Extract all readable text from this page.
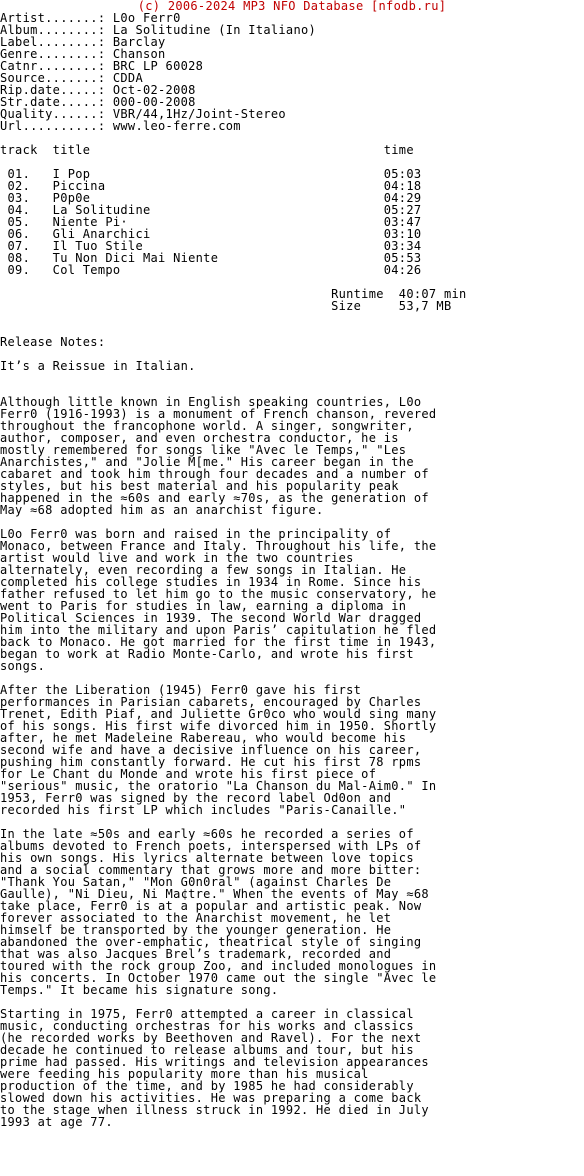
(c) 2006-2024 MP3 NFO Database [nfodb.ru]
Artist.......: L0o Ferr0
Album........: La Solitudine (In Italiano)
Label........: Barclay
Genre........: Chanson
Catnr........: BRC LP 60028
Source.......: CDDA
Rip.date.....: Oct-02-2008
Str.date.....: 000-00-2008
Quality......: VBR/44,1Hz/Joint-Stereo
Url..........: www.leo-ferre.com
track  title                                       time
01.   I Pop                                       05:03
02.   Piccina                                     04:18
03.   P0p0e                                       04:29
04.   La Solitudine                               05:27
05.   Niente Pi·                                  03:47
06.   Gli Anarchici                               03:10
07.   Il Tuo Stile                                03:34
08.   Tu Non Dici Mai Niente                      05:53
09.   Col Tempo                                   04:26
Runtime  40:07 min
Size     53,7 MB
Release Notes:
It’s a Reissue in Italian.
Although little known in English speaking countries, L0o
Ferr0 (1916-1993) is a monument of French chanson, revered
throughout the francophone world. A singer, songwriter,
author, composer, and even orchestra conductor, he is
mostly remembered for songs like "Avec le Temps," "Les
Anarchistes," and "Jolie M[me." His career began in the
cabaret and took him through four decades and a number of
styles, but his best material and his popularity peak
happened in the ≈60s and early ≈70s, as the generation of
May ≈68 adopted him as an anarchist figure.
L0o Ferr0 was born and raised in the principality of
Monaco, between France and Italy. Throughout his life, the
artist would live and work in the two countries
alternately, even recording a few songs in Italian. He
completed his college studies in 1934 in Rome. Since his
father refused to let him go to the music conservatory, he
went to Paris for studies in law, earning a diploma in
Political Sciences in 1939. The second World War dragged
him into the military and upon Paris’ capitulation he fled
back to Monaco. He got married for the first time in 1943,
began to work at Radio Monte-Carlo, and wrote his first
songs.
After the Liberation (1945) Ferr0 gave his first
performances in Parisian cabarets, encouraged by Charles
Trenet, Edith Piaf, and Juliette Gr0co who would sing many
of his songs. His first wife divorced him in 1950. Shortly
after, he met Madeleine Rabereau, who would become his
second wife and have a decisive influence on his career,
pushing him constantly forward. He cut his first 78 rpms
for Le Chant du Monde and wrote his first piece of
"serious" music, the oratorio "La Chanson du Mal-Aim0." In
1953, Ferr0 was signed by the record label Od0on and
recorded his first LP which includes "Paris-Canaille."
In the late ≈50s and early ≈60s he recorded a series of
albums devoted to French poets, interspersed with LPs of
his own songs. His lyrics alternate between love topics
and a social commentary that grows more and more bitter:
"Thank You Satan," "Mon G0n0ral" (against Charles De
Gaulle), "Ni Dieu, Ni Ma¢tre." When the events of May ≈68
take place, Ferr0 is at a popular and artistic peak. Now
forever associated to the Anarchist movement, he let
himself be transported by the younger generation. He
abandoned the over-emphatic, theatrical style of singing
that was also Jacques Brel’s trademark, recorded and
toured with the rock group Zoo, and included monologues in
his concerts. In October 1970 came out the single "Avec le
Temps." It became his signature song.
Starting in 1975, Ferr0 attempted a career in classical
music, conducting orchestras for his works and classics
(he recorded works by Beethoven and Ravel). For the next
decade he continued to release albums and tour, but his
prime had passed. His writings and television appearances
were feeding his popularity more than his musical
production of the time, and by 1985 he had considerably
slowed down his activities. He was preparing a come back
to the stage when illness struck in 1992. He died in July
1993 at age 77.
